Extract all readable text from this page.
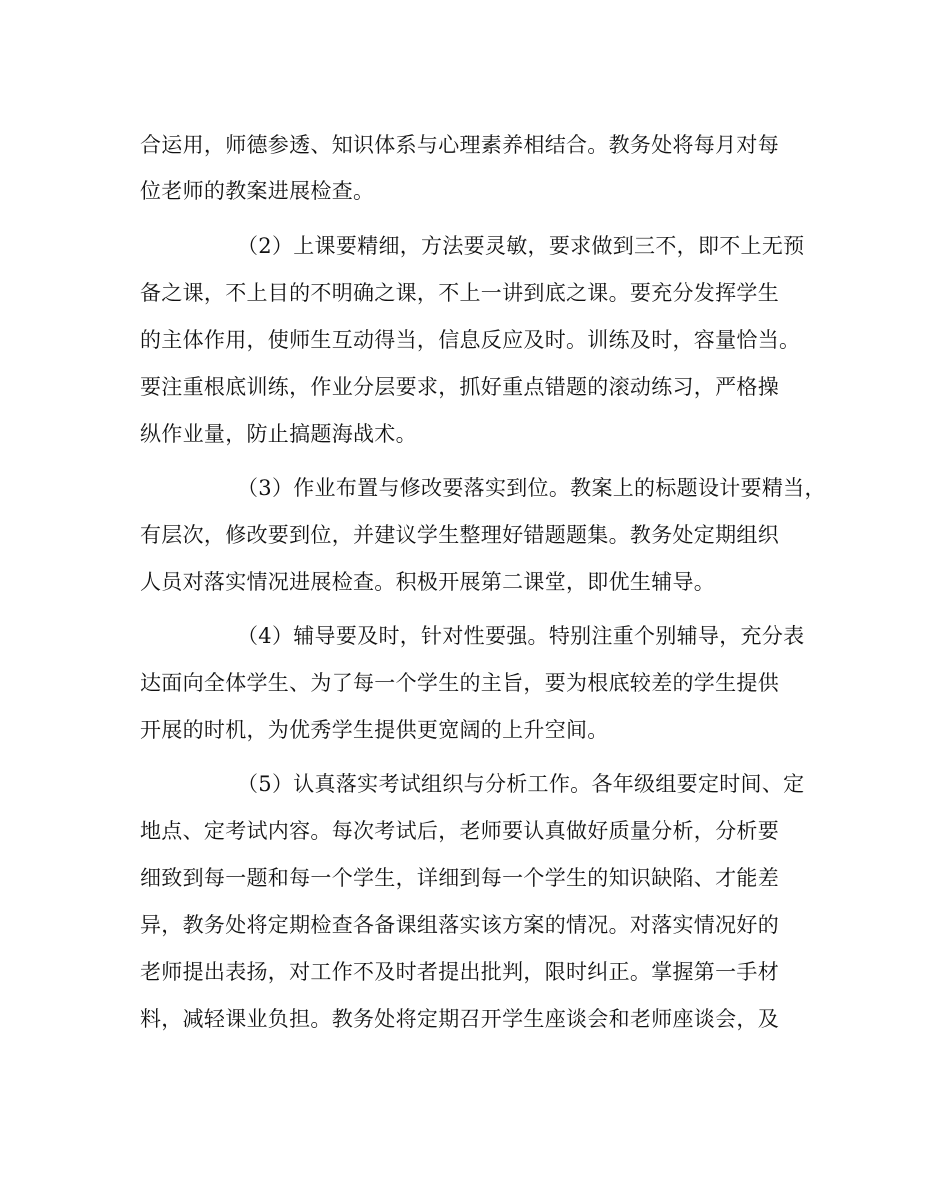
合运用，师德参透、知识体系与心理素养相结合。教务处将每月对每
位老师的教案进展检查。
（2）上课要精细，方法要灵敏，要求做到三不，即不上无预
备之课，不上目的不明确之课，不上一讲到底之课。要充分发挥学生
的主体作用，使师生互动得当，信息反应及时。训练及时，容量恰当。
要注重根底训练，作业分层要求，抓好重点错题的滚动练习，严格操
纵作业量，防止搞题海战术。
（3）作业布置与修改要落实到位。教案上的标题设计要精当，
有层次，修改要到位，并建议学生整理好错题题集。教务处定期组织
人员对落实情况进展检查。积极开展第二课堂，即优生辅导。
（4）辅导要及时，针对性要强。特别注重个别辅导，充分表
达面向全体学生、为了每一个学生的主旨，要为根底较差的学生提供
开展的时机，为优秀学生提供更宽阔的上升空间。
（5）认真落实考试组织与分析工作。各年级组要定时间、定
地点、定考试内容。每次考试后，老师要认真做好质量分析，分析要
细致到每一题和每一个学生，详细到每一个学生的知识缺陷、才能差
异，教务处将定期检查各备课组落实该方案的情况。对落实情况好的
老师提出表扬，对工作不及时者提出批判，限时纠正。掌握第一手材
料，减轻课业负担。教务处将定期召开学生座谈会和老师座谈会，及
